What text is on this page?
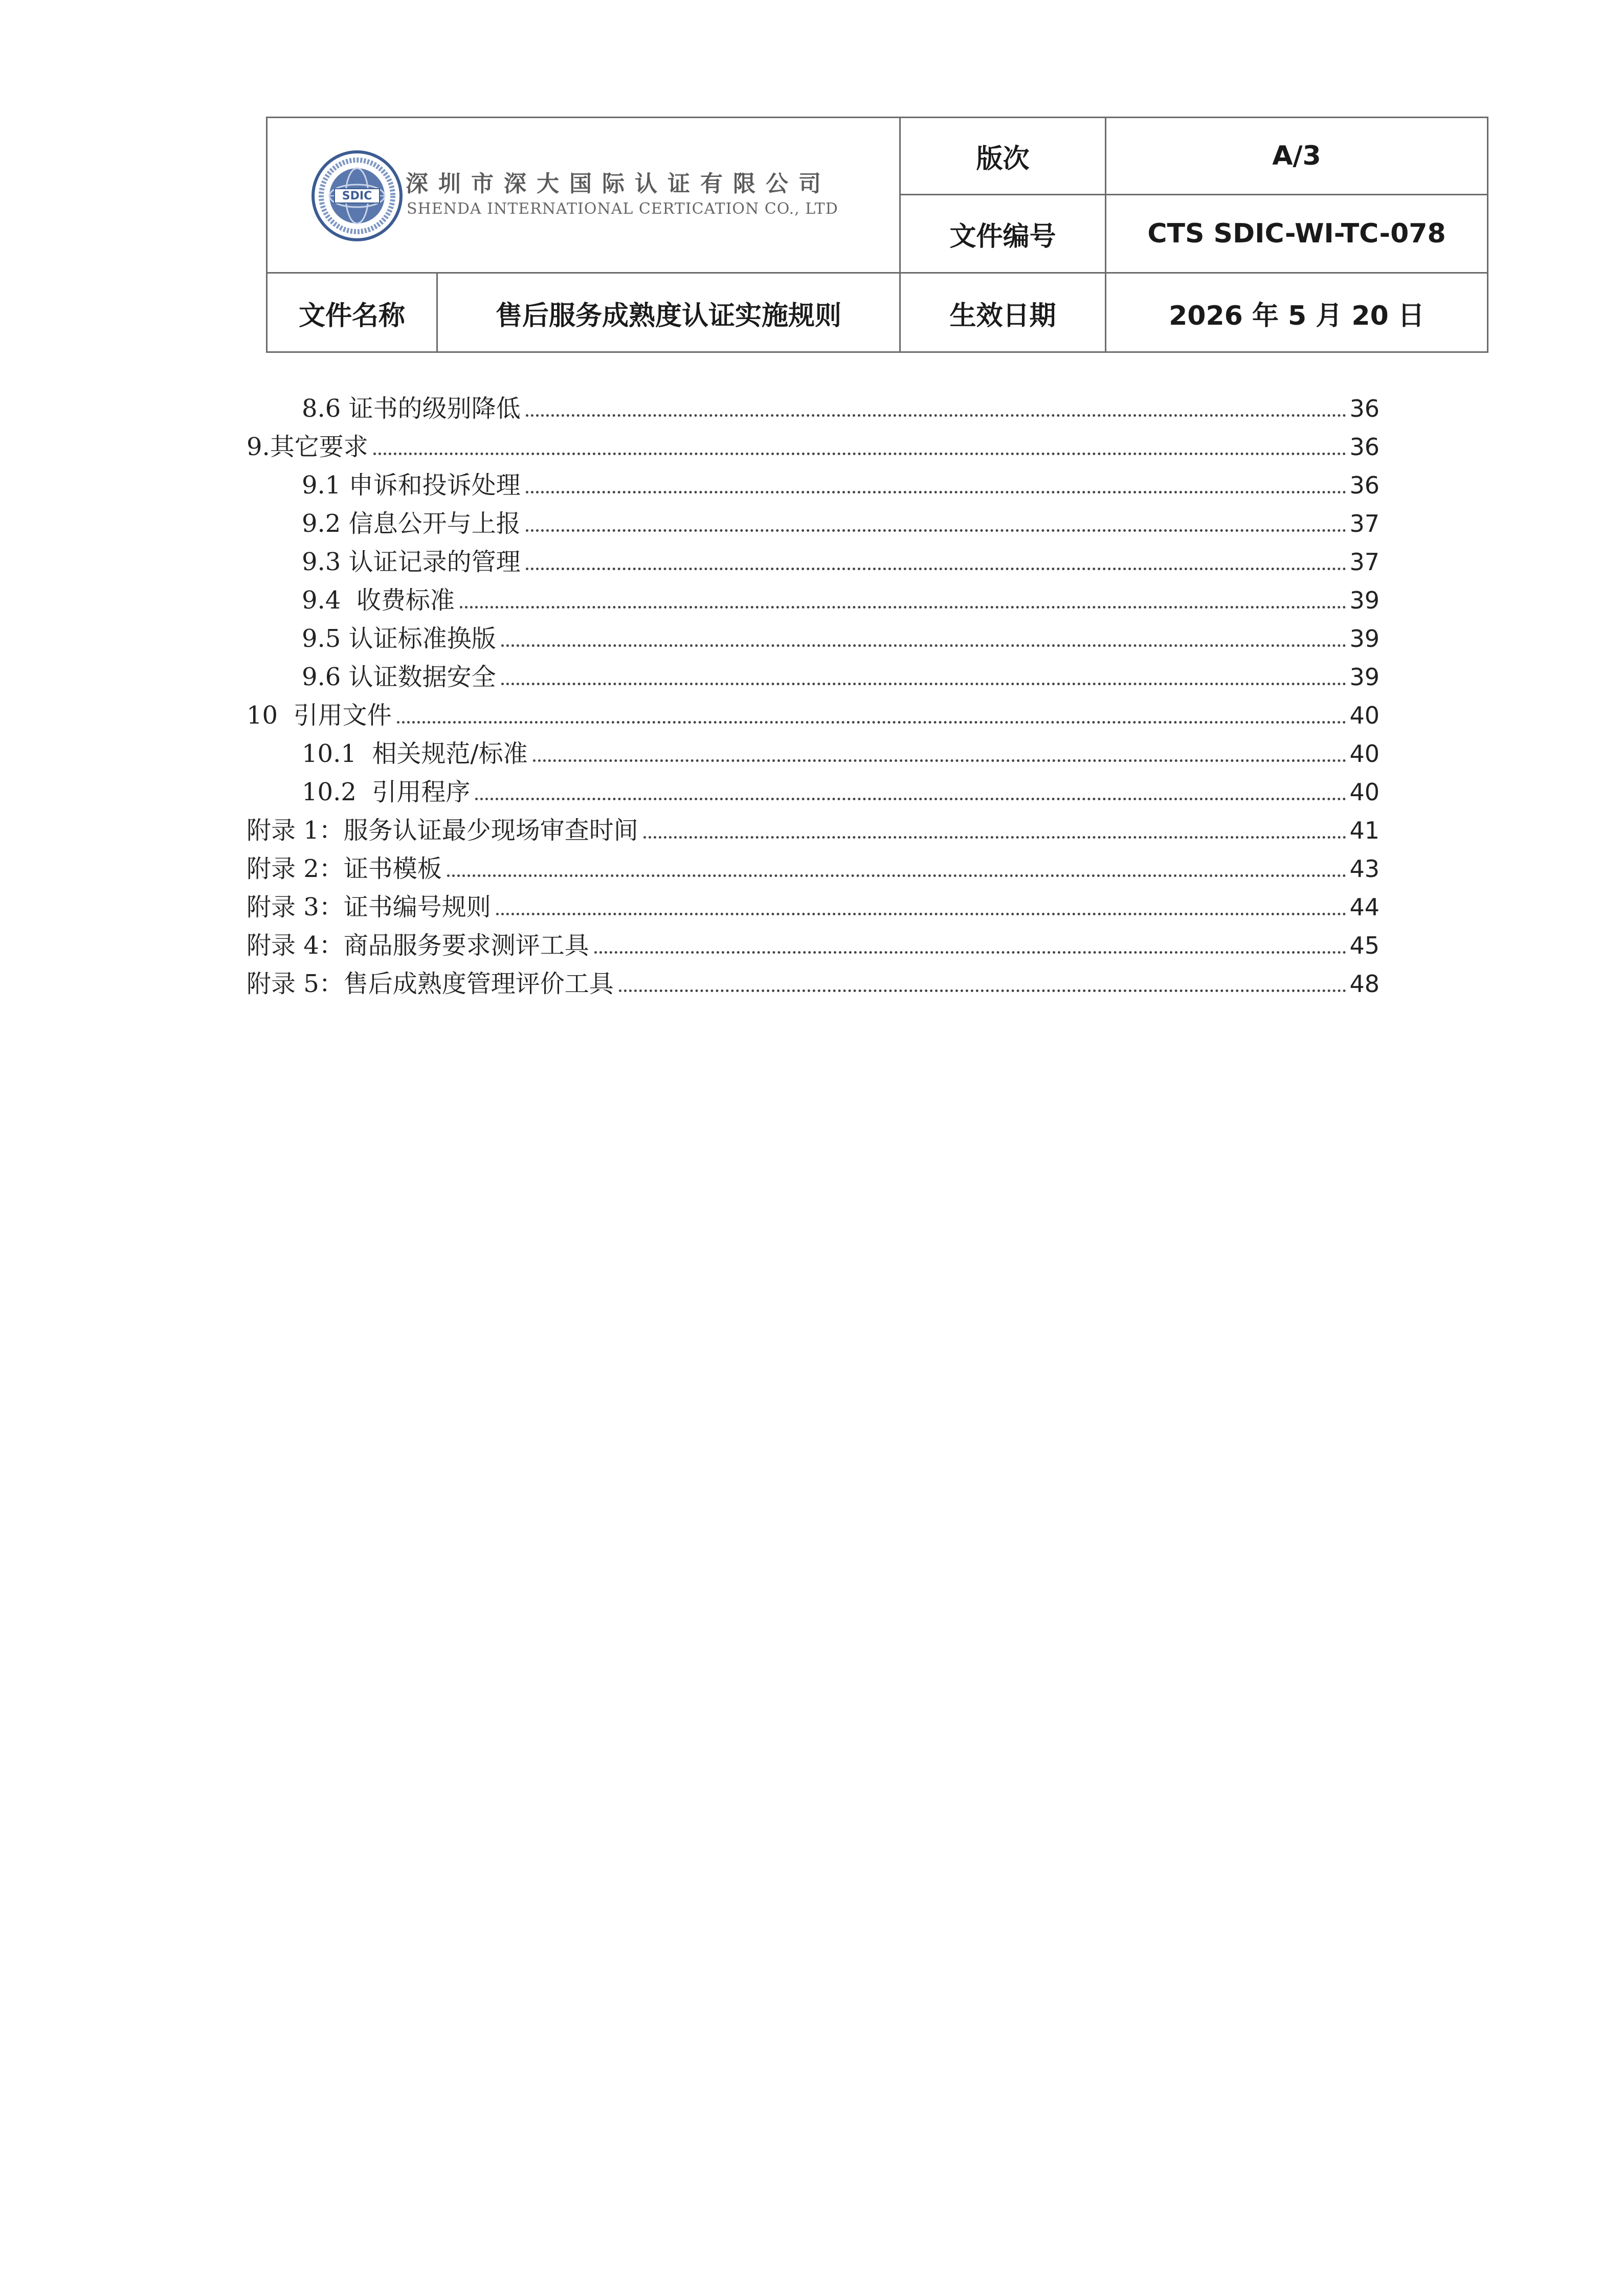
SDIC 深圳市深大国际认证有限公司
SHENDA INTERNATIONAL CERTICATION CO., LTD
版次	A/3
文件编号	CTS SDIC-WI-TC-078
文件名称	售后服务成熟度认证实施规则	生效日期	2026 年 5 月 20 日
8.6 证书的级别降低	36
9.其它要求	36
9.1 申诉和投诉处理	36
9.2 信息公开与上报	37
9.3 认证记录的管理	37
9.4  收费标准	39
9.5 认证标准换版	39
9.6 认证数据安全	39
10  引用文件	40
10.1  相关规范/标准	40
10.2  引用程序	40
附录 1：服务认证最少现场审查时间	41
附录 2：证书模板	43
附录 3：证书编号规则	44
附录 4：商品服务要求测评工具	45
附录 5：售后成熟度管理评价工具	48
